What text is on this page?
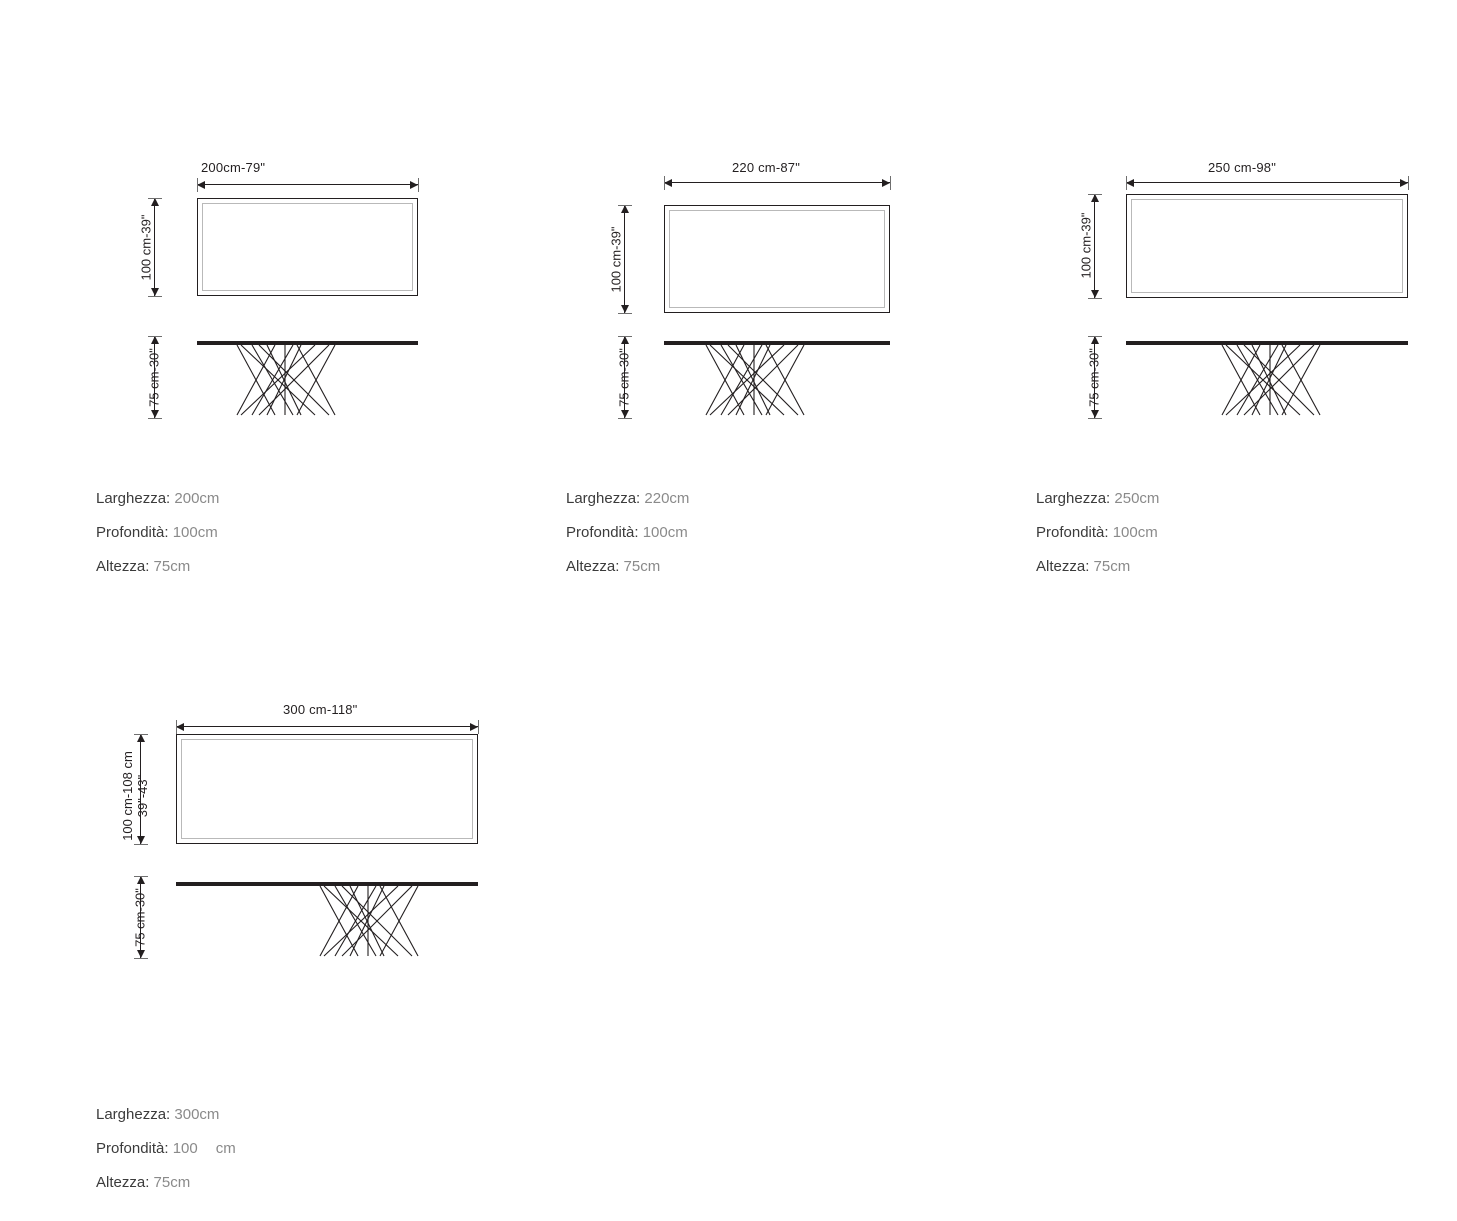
200cm-79"
100 cm-39"
75 cm-30"
Larghezza: 200cm
Profondità: 100cm
Altezza: 75cm
220 cm-87"
100 cm-39"
75 cm-30"
Larghezza: 220cm
Profondità: 100cm
Altezza: 75cm
250 cm-98"
100 cm-39"
75 cm-30"
Larghezza: 250cm
Profondità: 100cm
Altezza: 75cm
300 cm-118"
100 cm-108 cm 39"-43"
75 cm-30"
Larghezza: 300cm
Profondità: 100 cm
Altezza: 75cm
